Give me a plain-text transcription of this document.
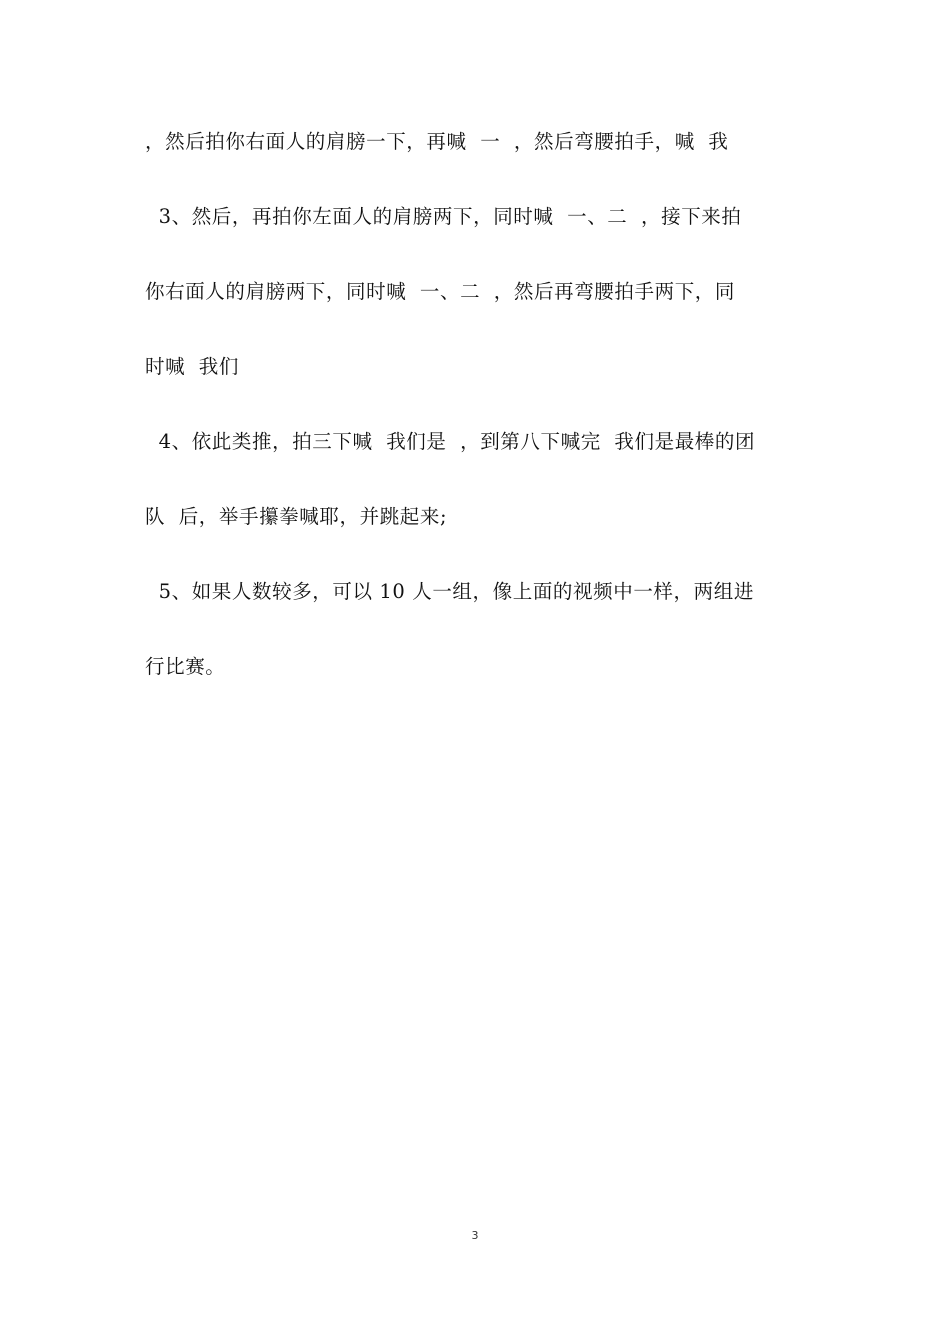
，然后拍你右面人的肩膀一下，再喊  一  ，然后弯腰拍手，喊  我
3、然后，再拍你左面人的肩膀两下，同时喊  一、二  ，接下来拍
你右面人的肩膀两下，同时喊  一、二  ，然后再弯腰拍手两下，同
时喊  我们
4、依此类推，拍三下喊  我们是  ，到第八下喊完  我们是最棒的团
队  后，举手攥拳喊耶，并跳起来;
5、如果人数较多，可以 10 人一组，像上面的视频中一样，两组进
行比赛。
3
